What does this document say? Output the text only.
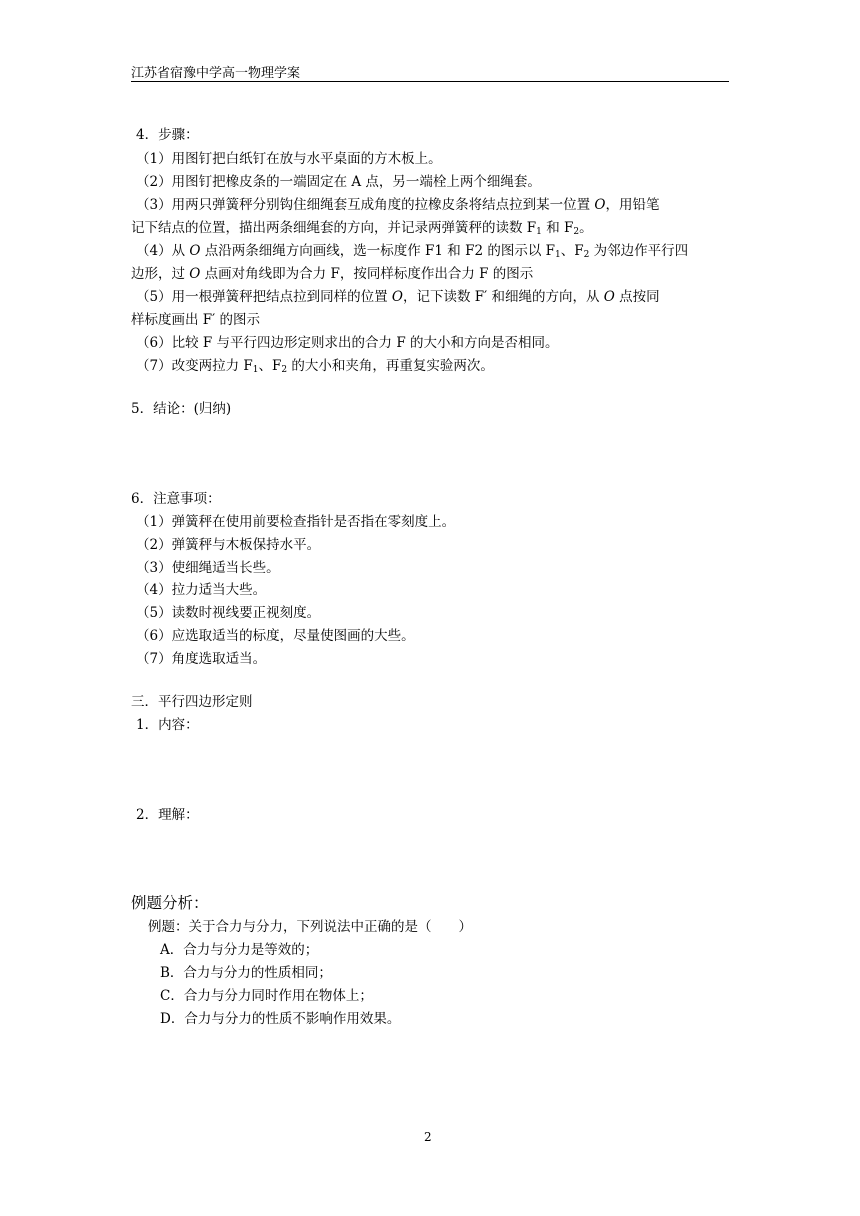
江苏省宿豫中学高一物理学案
4．步骤：
（1）用图钉把白纸钉在放与水平桌面的方木板上。
（2）用图钉把橡皮条的一端固定在 A 点，另一端栓上两个细绳套。
（3）用两只弹簧秤分别钩住细绳套互成角度的拉橡皮条将结点拉到某一位置 O，用铅笔
记下结点的位置，描出两条细绳套的方向，并记录两弹簧秤的读数 $F_1$ 和 $F_2$。
（4）从 O 点沿两条细绳方向画线，选一标度作 F1 和 F2 的图示以 $F_1$、$F_2$ 为邻边作平行四
边形，过 O 点画对角线即为合力 F，按同样标度作出合力 F 的图示
（5）用一根弹簧秤把结点拉到同样的位置 O，记下读数 F′ 和细绳的方向，从 O 点按同
样标度画出 F′ 的图示
（6）比较 F 与平行四边形定则求出的合力 F 的大小和方向是否相同。
（7）改变两拉力 $F_1$、$F_2$ 的大小和夹角，再重复实验两次。
5．结论：(归纳)
6．注意事项：
（1）弹簧秤在使用前要检查指针是否指在零刻度上。
（2）弹簧秤与木板保持水平。
（3）使细绳适当长些。
（4）拉力适当大些。
（5）读数时视线要正视刻度。
（6）应选取适当的标度，尽量使图画的大些。
（7）角度选取适当。
三．平行四边形定则
1．内容：
2．理解：
例题分析：
例题：关于合力与分力，下列说法中正确的是（　　）
A．合力与分力是等效的；
B．合力与分力的性质相同；
C．合力与分力同时作用在物体上；
D．合力与分力的性质不影响作用效果。
2
